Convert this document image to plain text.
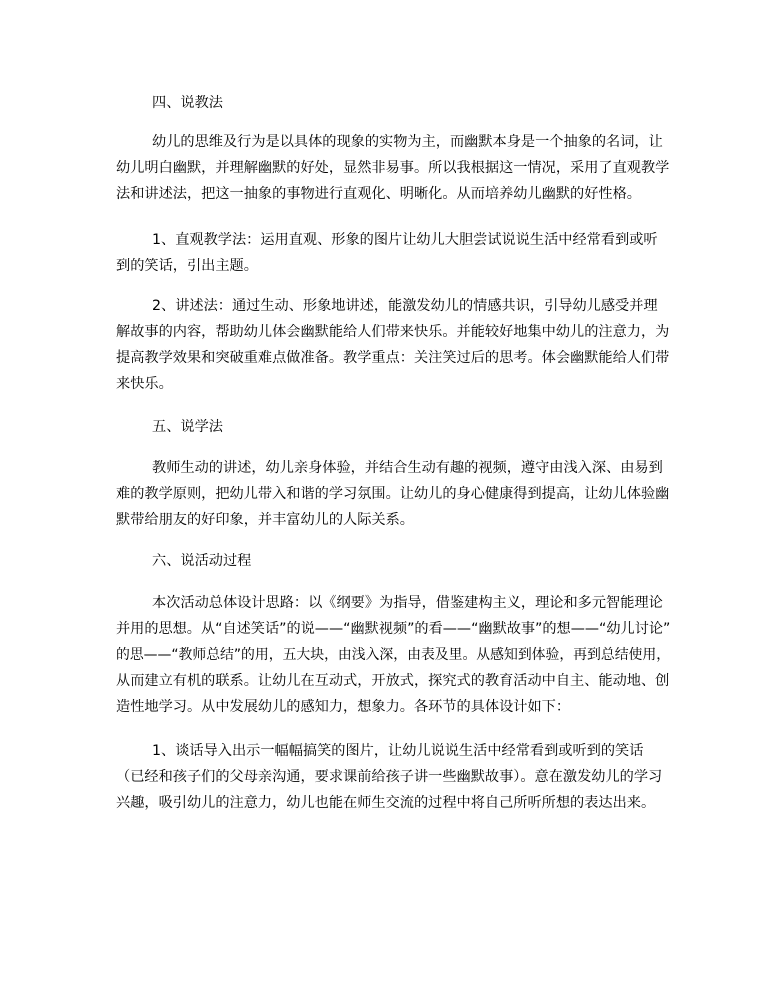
四、说教法
幼儿的思维及行为是以具体的现象的实物为主，而幽默本身是一个抽象的名词，让
幼儿明白幽默，并理解幽默的好处，显然非易事。所以我根据这一情况，采用了直观教学
法和讲述法，把这一抽象的事物进行直观化、明晰化。从而培养幼儿幽默的好性格。
1、直观教学法：运用直观、形象的图片让幼儿大胆尝试说说生活中经常看到或听
到的笑话，引出主题。
2、讲述法：通过生动、形象地讲述，能激发幼儿的情感共识，引导幼儿感受并理
解故事的内容，帮助幼儿体会幽默能给人们带来快乐。并能较好地集中幼儿的注意力，为
提高教学效果和突破重难点做准备。教学重点：关注笑过后的思考。体会幽默能给人们带
来快乐。
五、说学法
教师生动的讲述，幼儿亲身体验，并结合生动有趣的视频，遵守由浅入深、由易到
难的教学原则，把幼儿带入和谐的学习氛围。让幼儿的身心健康得到提高，让幼儿体验幽
默带给朋友的好印象，并丰富幼儿的人际关系。
六、说活动过程
本次活动总体设计思路：以《纲要》为指导，借鉴建构主义，理论和多元智能理论
并用的思想。从“自述笑话”的说——“幽默视频”的看——“幽默故事”的想——“幼儿讨论”
的思——“教师总结”的用，五大块，由浅入深，由表及里。从感知到体验，再到总结使用，
从而建立有机的联系。让幼儿在互动式，开放式，探究式的教育活动中自主、能动地、创
造性地学习。从中发展幼儿的感知力，想象力。各环节的具体设计如下：
1、谈话导入出示一幅幅搞笑的图片，让幼儿说说生活中经常看到或听到的笑话
（已经和孩子们的父母亲沟通，要求课前给孩子讲一些幽默故事）。意在激发幼儿的学习
兴趣，吸引幼儿的注意力，幼儿也能在师生交流的过程中将自己所听所想的表达出来。
